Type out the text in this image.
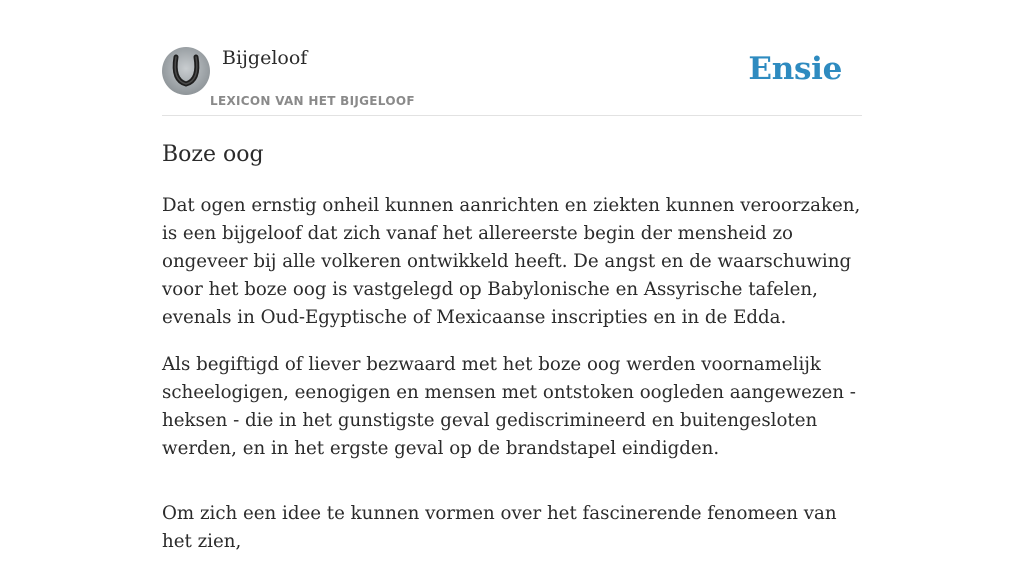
Bijgeloof
LEXICON VAN HET BIJGELOOF
Ensie
Boze oog

Dat ogen ernstig onheil kunnen aanrichten en ziekten kunnen veroorzaken, is een bijgeloof dat zich vanaf het allereerste begin der mensheid zo ongeveer bij alle volkeren ontwikkeld heeft. De angst en de waarschuwing voor het boze oog is vastgelegd op Babylonische en Assyrische tafelen, evenals in Oud-Egyptische of Mexicaanse inscripties en in de Edda.

Als begiftigd of liever bezwaard met het boze oog werden voornamelijk scheelogigen, eenogigen en mensen met ontstoken oogleden aangewezen - heksen - die in het gunstigste geval gediscrimineerd en buitengesloten werden, en in het ergste geval op de brandstapel eindigden.

Om zich een idee te kunnen vormen over het fascinerende fenomeen van het zien,
